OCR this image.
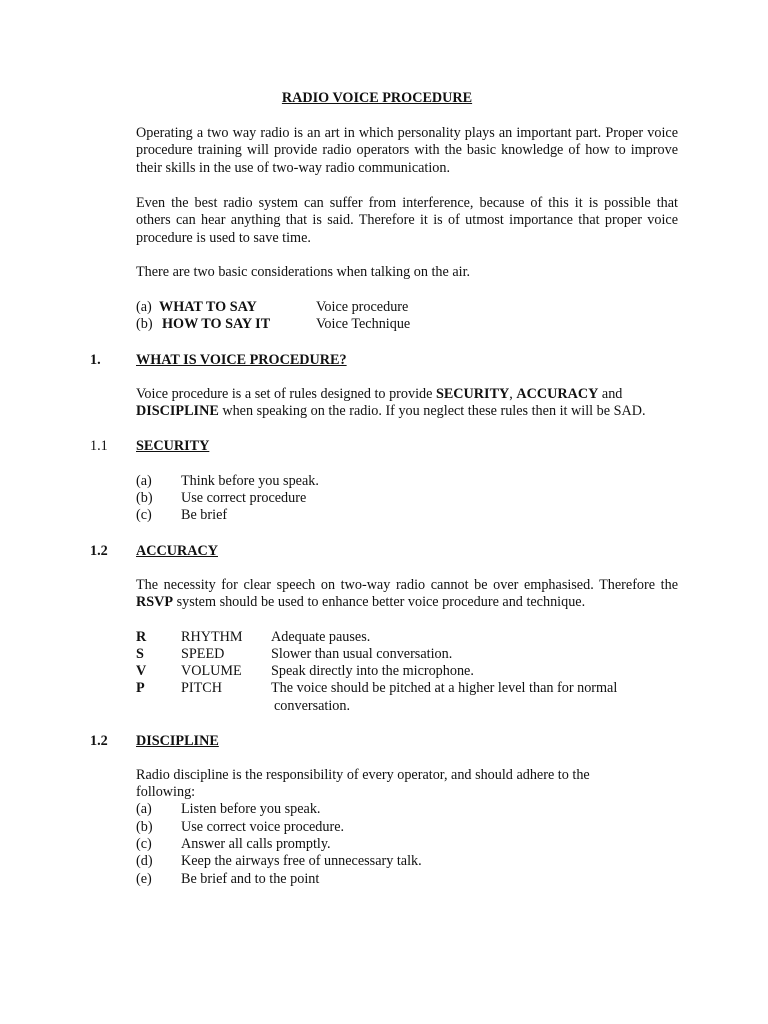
RADIO VOICE PROCEDURE
Operating a two way radio is an art in which personality plays an important part. Proper voice procedure training will provide radio operators with the basic knowledge of how to improve their skills in the use of two-way radio communication.
Even the best radio system can suffer from interference, because of this it is possible that others can hear anything that is said. Therefore it is of utmost importance that proper voice procedure is used to save time.
There are two basic considerations when talking on the air.
(a) WHAT TO SAY	Voice procedure
(b) HOW TO SAY IT	Voice Technique
1. WHAT IS VOICE PROCEDURE?
Voice procedure is a set of rules designed to provide SECURITY, ACCURACY and
DISCIPLINE when speaking on the radio. If you neglect these rules then it will be SAD.
1.1 SECURITY
(a) Think before you speak.
(b) Use correct procedure
(c) Be brief
1.2 ACCURACY
The necessity for clear speech on two-way radio cannot be over emphasised. Therefore the RSVP system should be used to enhance better voice procedure and technique.
R RHYTHM Adequate pauses.
S	SPEED	Slower than usual conversation.
V VOLUME Speak directly into the microphone.
P	PITCH	The voice should be pitched at a higher level than for normal
conversation.
1.2 DISCIPLINE
Radio discipline is the responsibility of every operator, and should adhere to the
following:
(a) Listen before you speak.
(b) Use correct voice procedure.
(c) Answer all calls promptly.
(d) Keep the airways free of unnecessary talk.
(e) Be brief and to the point
